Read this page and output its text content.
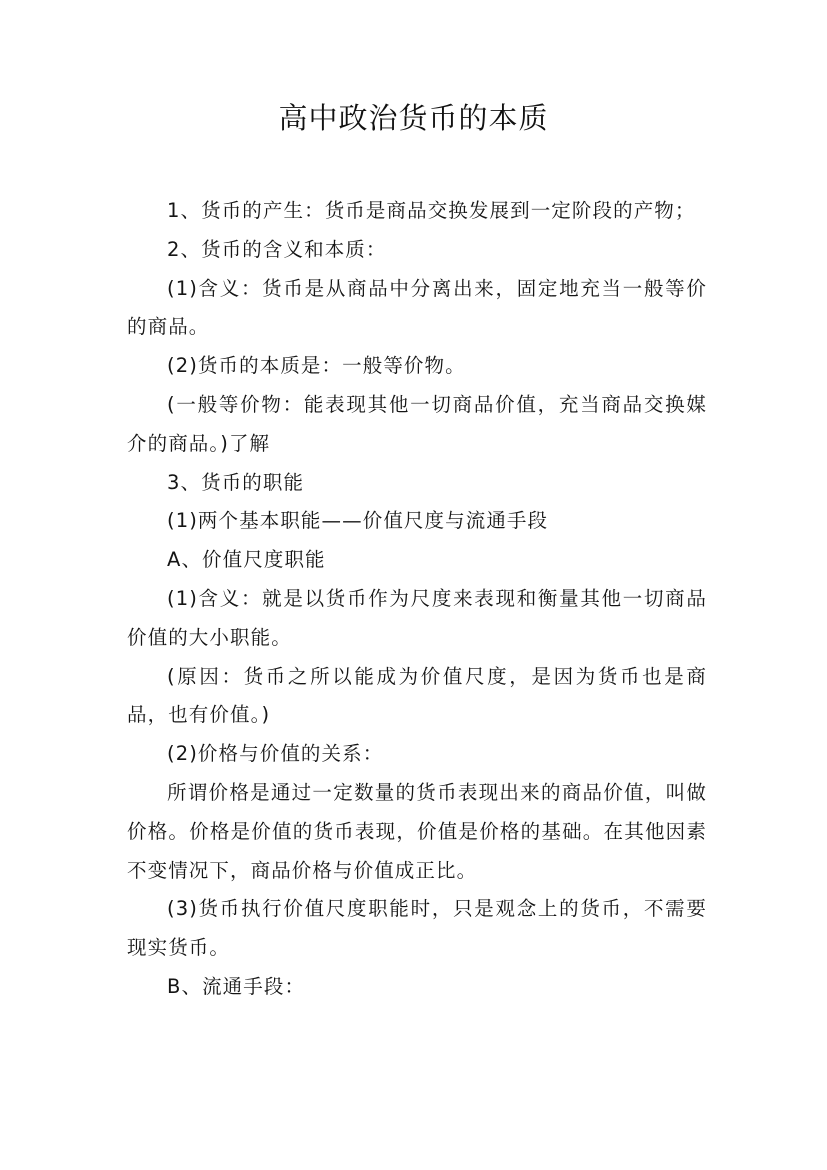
高中政治货币的本质

1、货币的产生：货币是商品交换发展到一定阶段的产物；

2、货币的含义和本质：

(1)含义：货币是从商品中分离出来，固定地充当一般等价的商品。

(2)货币的本质是：一般等价物。

(一般等价物：能表现其他一切商品价值，充当商品交换媒介的商品。)了解

3、货币的职能

(1)两个基本职能——价值尺度与流通手段

A、价值尺度职能

(1)含义：就是以货币作为尺度来表现和衡量其他一切商品价值的大小职能。

(原因：货币之所以能成为价值尺度，是因为货币也是商品，也有价值。)

(2)价格与价值的关系：

所谓价格是通过一定数量的货币表现出来的商品价值，叫做价格。价格是价值的货币表现，价值是价格的基础。在其他因素不变情况下，商品价格与价值成正比。

(3)货币执行价值尺度职能时，只是观念上的货币，不需要现实货币。

B、流通手段：
